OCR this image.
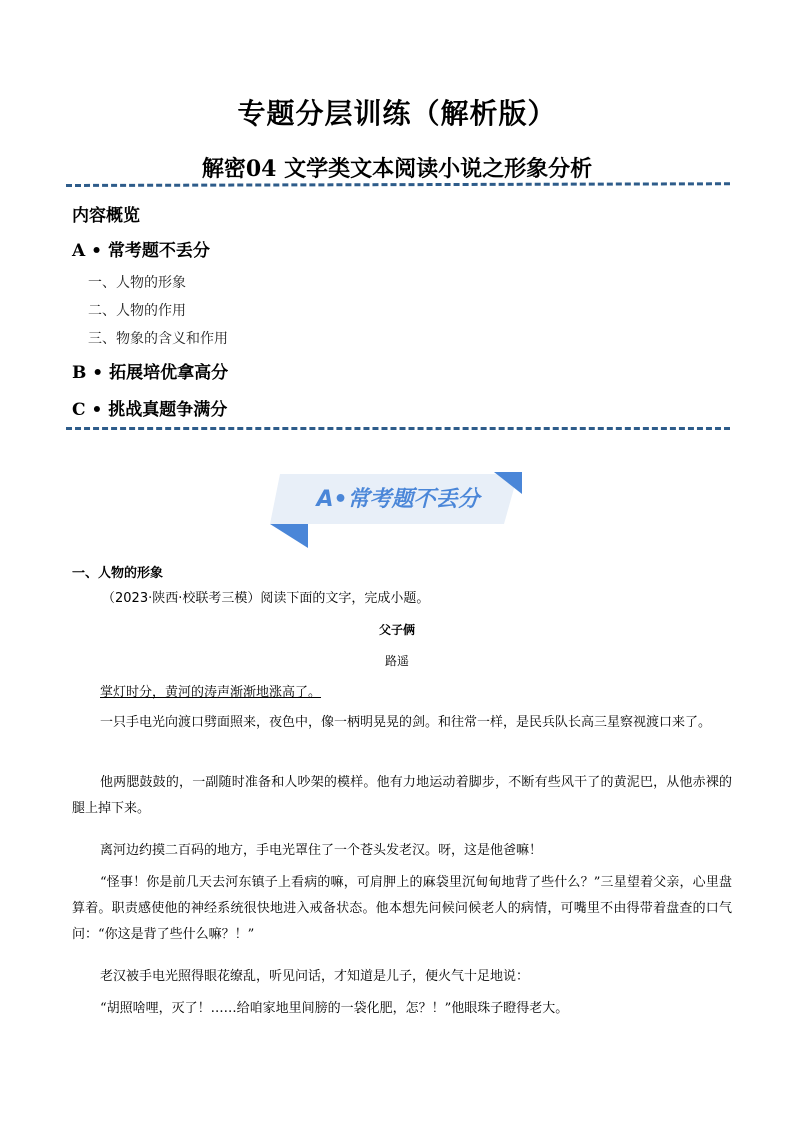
专题分层训练（解析版）
解密04 文学类文本阅读小说之形象分析
内容概览
A • 常考题不丢分
一、人物的形象
二、人物的作用
三、物象的含义和作用
B • 拓展培优拿高分
C • 挑战真题争满分
A•常考题不丢分
一、人物的形象
（2023·陕西·校联考三模）阅读下面的文字，完成小题。
父子俩
路遥
掌灯时分，黄河的涛声渐渐地涨高了。
一只手电光向渡口劈面照来，夜色中，像一柄明晃晃的剑。和往常一样，是民兵队长高三星察视渡口来了。
他两腮鼓鼓的，一副随时准备和人吵架的模样。他有力地运动着脚步，不断有些风干了的黄泥巴，从他赤裸的腿上掉下来。
离河边约摸二百码的地方，手电光罩住了一个苍头发老汉。呀，这是他爸嘛！
“怪事！你是前几天去河东镇子上看病的嘛，可肩胛上的麻袋里沉甸甸地背了些什么？”三星望着父亲，心里盘算着。职责感使他的神经系统很快地进入戒备状态。他本想先问候问候老人的病情，可嘴里不由得带着盘查的口气问：“你这是背了些什么嘛？！”
老汉被手电光照得眼花缭乱，听见问话，才知道是儿子，便火气十足地说：
“胡照啥哩，灭了！……给咱家地里间膀的一袋化肥，怎？！”他眼珠子瞪得老大。
